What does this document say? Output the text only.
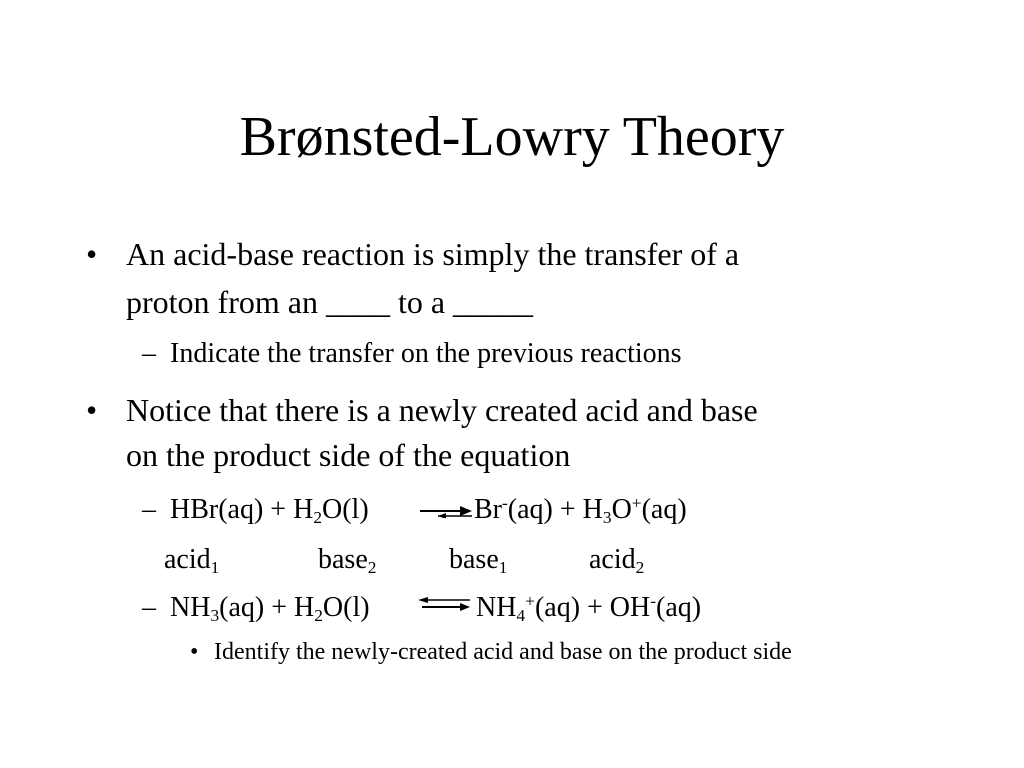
Brønsted-Lowry Theory
• An acid-base reaction is simply the transfer of a
proton from an ____ to a _____
– Indicate the transfer on the previous reactions
• Notice that there is a newly created acid and base
on the product side of the equation
– $HBr(aq) + H_2O(l)$	$Br^-(aq) + H_3O^+(aq)$
acid$_1$	base$_2$	base$_1$	acid$_2$
– $NH_3(aq) + H_2O(l)$	$NH_4^+(aq) + OH^-(aq)$
• Identify the newly-created acid and base on the product side
